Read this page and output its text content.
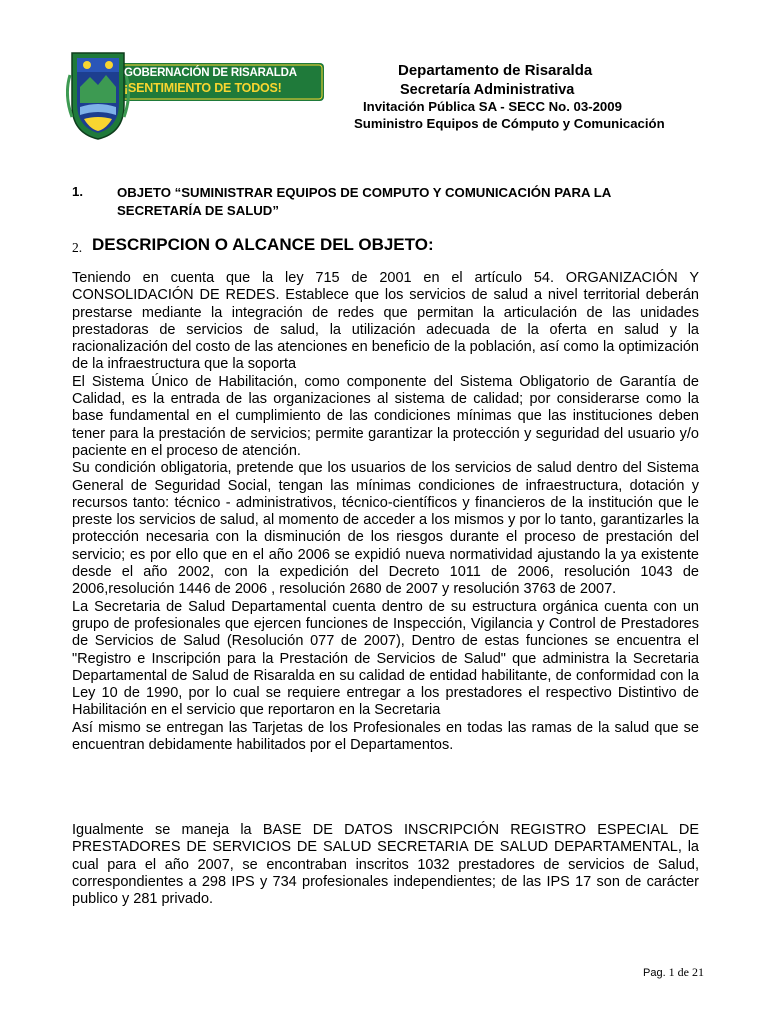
GOBERNACIÓN DE RISARALDA
¡SENTIMIENTO DE TODOS!
Departamento de Risaralda
Secretaría Administrativa
Invitación Pública SA - SECC No. 03-2009
Suministro Equipos de Cómputo y Comunicación
1.	OBJETO “SUMINISTRAR EQUIPOS DE COMPUTO Y COMUNICACIÓN PARA LA
SECRETARÍA DE SALUD”
2. DESCRIPCION O ALCANCE DEL OBJETO:

Teniendo en cuenta que la ley 715 de 2001 en el artículo 54. ORGANIZACIÓN Y CONSOLIDACIÓN DE REDES. Establece que los servicios de salud a nivel territorial deberán prestarse mediante la integración de redes que permitan la articulación de las unidades prestadoras de servicios de salud, la utilización adecuada de la oferta en salud y la racionalización del costo de las atenciones en beneficio de la población, así como la optimización de la infraestructura que la soporta

El Sistema Único de Habilitación, como componente del Sistema Obligatorio de Garantía de Calidad, es la entrada de las organizaciones al sistema de calidad; por considerarse como la base fundamental en el cumplimiento de las condiciones mínimas que las instituciones deben tener para la prestación de servicios; permite garantizar la protección y seguridad del usuario y/o paciente en el proceso de atención.

Su condición obligatoria, pretende que los usuarios de los servicios de salud dentro del Sistema General de Seguridad Social, tengan las mínimas condiciones de infraestructura, dotación y recursos tanto: técnico - administrativos, técnico-científicos y financieros de la institución que le preste los servicios de salud, al momento de acceder a los mismos y por lo tanto, garantizarles la protección necesaria con la disminución de los riesgos durante el proceso de prestación del servicio; es por ello que en el año 2006 se expidió nueva normatividad ajustando la ya existente desde el año 2002, con la expedición del Decreto 1011 de 2006, resolución 1043 de 2006,resolución 1446 de 2006 , resolución 2680 de 2007 y resolución 3763 de 2007.

La Secretaria de Salud Departamental cuenta dentro de su estructura orgánica cuenta con un grupo de profesionales que ejercen funciones de Inspección, Vigilancia y Control de Prestadores de Servicios de Salud (Resolución 077 de 2007), Dentro de estas funciones se encuentra el "Registro e Inscripción para la Prestación de Servicios de Salud" que administra la Secretaria Departamental de Salud de Risaralda en su calidad de entidad habilitante, de conformidad con la Ley 10 de 1990, por lo cual se requiere entregar a los prestadores el respectivo Distintivo de Habilitación en el servicio que reportaron en la Secretaria

Así mismo se entregan las Tarjetas de los Profesionales en todas las ramas de la salud que se encuentran debidamente habilitados por el Departamentos.

Igualmente se maneja la BASE DE DATOS INSCRIPCIÓN REGISTRO ESPECIAL DE PRESTADORES DE SERVICIOS DE SALUD SECRETARIA DE SALUD DEPARTAMENTAL, la cual para el año 2007, se encontraban inscritos 1032 prestadores de servicios de Salud, correspondientes a 298 IPS y 734 profesionales independientes; de las IPS 17 son de carácter publico y 281 privado.

Pag. 1 de 21
